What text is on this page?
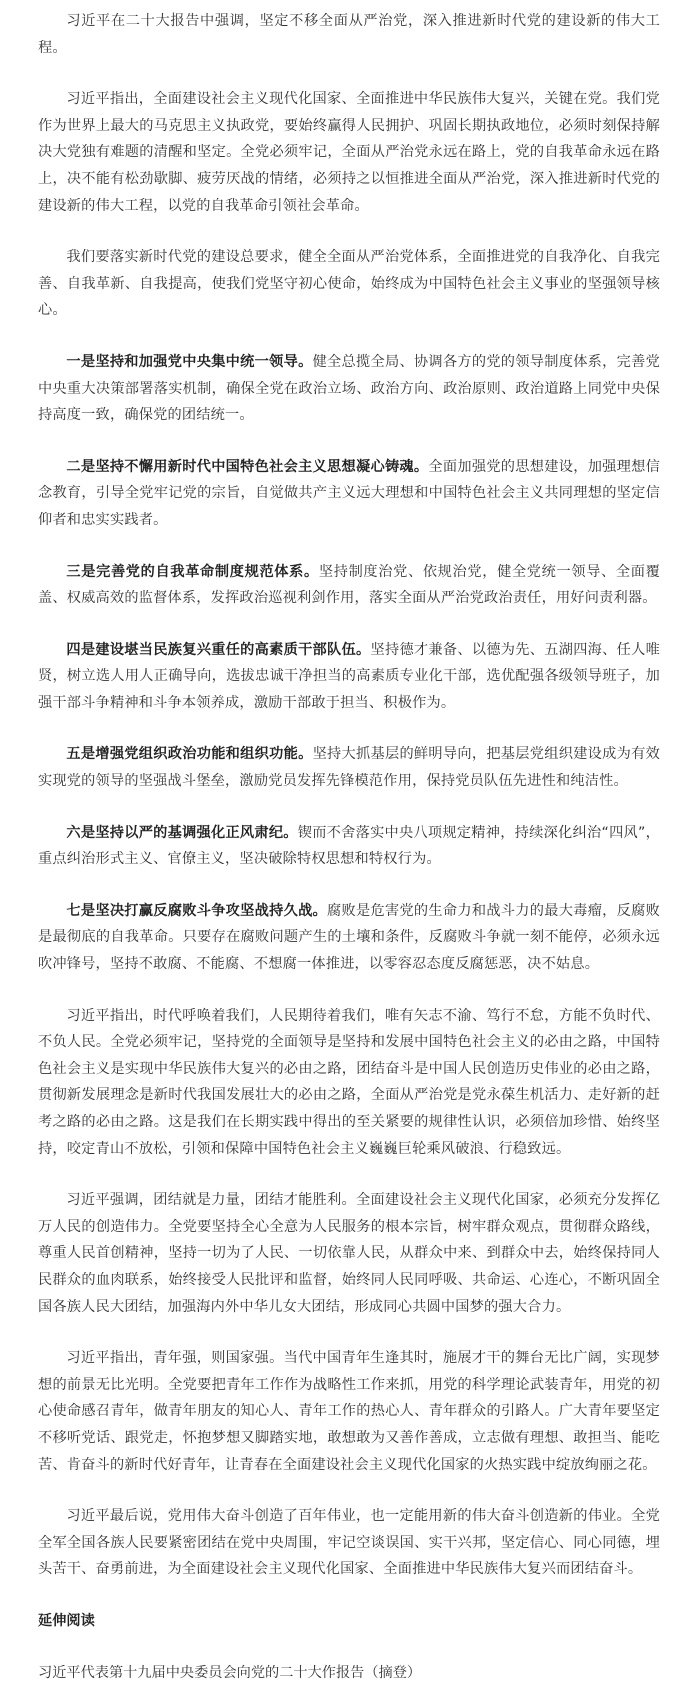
习近平在二十大报告中强调，坚定不移全面从严治党，深入推进新时代党的建设新的伟大工程。

习近平指出，全面建设社会主义现代化国家、全面推进中华民族伟大复兴，关键在党。我们党作为世界上最大的马克思主义执政党，要始终赢得人民拥护、巩固长期执政地位，必须时刻保持解决大党独有难题的清醒和坚定。全党必须牢记，全面从严治党永远在路上，党的自我革命永远在路上，决不能有松劲歇脚、疲劳厌战的情绪，必须持之以恒推进全面从严治党，深入推进新时代党的建设新的伟大工程，以党的自我革命引领社会革命。

我们要落实新时代党的建设总要求，健全全面从严治党体系，全面推进党的自我净化、自我完善、自我革新、自我提高，使我们党坚守初心使命，始终成为中国特色社会主义事业的坚强领导核心。

一是坚持和加强党中央集中统一领导。健全总揽全局、协调各方的党的领导制度体系，完善党中央重大决策部署落实机制，确保全党在政治立场、政治方向、政治原则、政治道路上同党中央保持高度一致，确保党的团结统一。

二是坚持不懈用新时代中国特色社会主义思想凝心铸魂。全面加强党的思想建设，加强理想信念教育，引导全党牢记党的宗旨，自觉做共产主义远大理想和中国特色社会主义共同理想的坚定信仰者和忠实实践者。

三是完善党的自我革命制度规范体系。坚持制度治党、依规治党，健全党统一领导、全面覆盖、权威高效的监督体系，发挥政治巡视利剑作用，落实全面从严治党政治责任，用好问责利器。

四是建设堪当民族复兴重任的高素质干部队伍。坚持德才兼备、以德为先、五湖四海、任人唯贤，树立选人用人正确导向，选拔忠诚干净担当的高素质专业化干部，选优配强各级领导班子，加强干部斗争精神和斗争本领养成，激励干部敢于担当、积极作为。

五是增强党组织政治功能和组织功能。坚持大抓基层的鲜明导向，把基层党组织建设成为有效实现党的领导的坚强战斗堡垒，激励党员发挥先锋模范作用，保持党员队伍先进性和纯洁性。

六是坚持以严的基调强化正风肃纪。锲而不舍落实中央八项规定精神，持续深化纠治“四风”，重点纠治形式主义、官僚主义，坚决破除特权思想和特权行为。

七是坚决打赢反腐败斗争攻坚战持久战。腐败是危害党的生命力和战斗力的最大毒瘤，反腐败是最彻底的自我革命。只要存在腐败问题产生的土壤和条件，反腐败斗争就一刻不能停，必须永远吹冲锋号，坚持不敢腐、不能腐、不想腐一体推进，以零容忍态度反腐惩恶，决不姑息。

习近平指出，时代呼唤着我们，人民期待着我们，唯有矢志不渝、笃行不怠，方能不负时代、不负人民。全党必须牢记，坚持党的全面领导是坚持和发展中国特色社会主义的必由之路，中国特色社会主义是实现中华民族伟大复兴的必由之路，团结奋斗是中国人民创造历史伟业的必由之路，贯彻新发展理念是新时代我国发展壮大的必由之路，全面从严治党是党永葆生机活力、走好新的赶考之路的必由之路。这是我们在长期实践中得出的至关紧要的规律性认识，必须倍加珍惜、始终坚持，咬定青山不放松，引领和保障中国特色社会主义巍巍巨轮乘风破浪、行稳致远。

习近平强调，团结就是力量，团结才能胜利。全面建设社会主义现代化国家，必须充分发挥亿万人民的创造伟力。全党要坚持全心全意为人民服务的根本宗旨，树牢群众观点，贯彻群众路线，尊重人民首创精神，坚持一切为了人民、一切依靠人民，从群众中来、到群众中去，始终保持同人民群众的血肉联系，始终接受人民批评和监督，始终同人民同呼吸、共命运、心连心，不断巩固全国各族人民大团结，加强海内外中华儿女大团结，形成同心共圆中国梦的强大合力。

习近平指出，青年强，则国家强。当代中国青年生逢其时，施展才干的舞台无比广阔，实现梦想的前景无比光明。全党要把青年工作作为战略性工作来抓，用党的科学理论武装青年，用党的初心使命感召青年，做青年朋友的知心人、青年工作的热心人、青年群众的引路人。广大青年要坚定不移听党话、跟党走，怀抱梦想又脚踏实地，敢想敢为又善作善成，立志做有理想、敢担当、能吃苦、肯奋斗的新时代好青年，让青春在全面建设社会主义现代化国家的火热实践中绽放绚丽之花。

习近平最后说，党用伟大奋斗创造了百年伟业，也一定能用新的伟大奋斗创造新的伟业。全党全军全国各族人民要紧密团结在党中央周围，牢记空谈误国、实干兴邦，坚定信心、同心同德，埋头苦干、奋勇前进，为全面建设社会主义现代化国家、全面推进中华民族伟大复兴而团结奋斗。

延伸阅读

习近平代表第十九届中央委员会向党的二十大作报告（摘登）
